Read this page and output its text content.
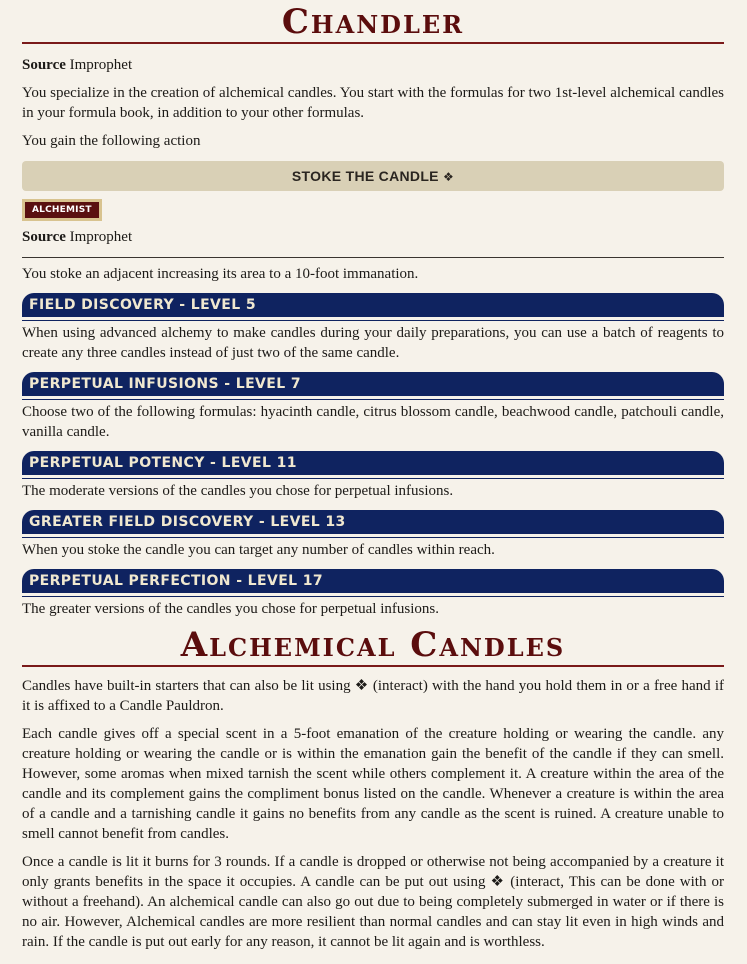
Chandler

Source Improphet

You specialize in the creation of alchemical candles. You start with the formulas for two 1st-level alchemical candles in your formula book, in addition to your other formulas.

You gain the following action

STOKE THE CANDLE ❖
ALCHEMIST

Source Improphet

You stoke an adjacent increasing its area to a 10-foot immanation.

FIELD DISCOVERY - LEVEL 5

When using advanced alchemy to make candles during your daily preparations, you can use a batch of reagents to create any three candles instead of just two of the same candle.

PERPETUAL INFUSIONS - LEVEL 7

Choose two of the following formulas: hyacinth candle, citrus blossom candle, beachwood candle, patchouli candle, vanilla candle.

PERPETUAL POTENCY - LEVEL 11

The moderate versions of the candles you chose for perpetual infusions.

GREATER FIELD DISCOVERY - LEVEL 13

When you stoke the candle you can target any number of candles within reach.

PERPETUAL PERFECTION - LEVEL 17

The greater versions of the candles you chose for perpetual infusions.

Alchemical Candles

Candles have built-in starters that can also be lit using ❖ (interact) with the hand you hold them in or a free hand if it is affixed to a Candle Pauldron.

Each candle gives off a special scent in a 5-foot emanation of the creature holding or wearing the candle. any creature holding or wearing the candle or is within the emanation gain the benefit of the candle if they can smell. However, some aromas when mixed tarnish the scent while others complement it. A creature within the area of the candle and its complement gains the compliment bonus listed on the candle. Whenever a creature is within the area of a candle and a tarnishing candle it gains no benefits from any candle as the scent is ruined. A creature unable to smell cannot benefit from candles.

Once a candle is lit it burns for 3 rounds. If a candle is dropped or otherwise not being accompanied by a creature it only grants benefits in the space it occupies. A candle can be put out using ❖ (interact, This can be done with or without a freehand). An alchemical candle can also go out due to being completely submerged in water or if there is no air. However, Alchemical candles are more resilient than normal candles and can stay lit even in high winds and rain. If the candle is put out early for any reason, it cannot be lit again and is worthless.
